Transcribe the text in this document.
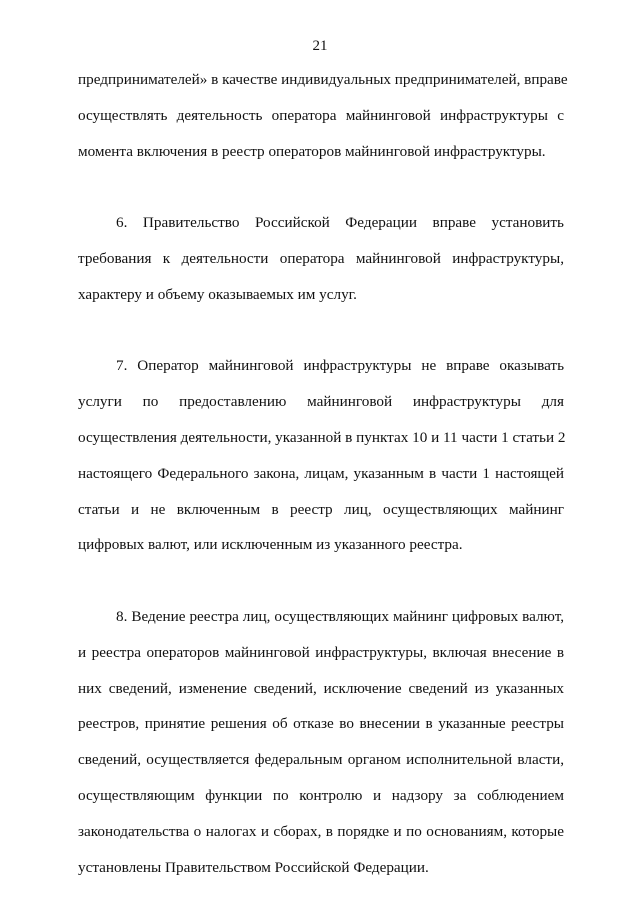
21
предпринимателей» в качестве индивидуальных предпринимателей, вправе
осуществлять деятельность оператора майнинговой инфраструктуры с
момента включения в реестр операторов майнинговой инфраструктуры.
6. Правительство Российской Федерации вправе установить
требования к деятельности оператора майнинговой инфраструктуры,
характеру и объему оказываемых им услуг.
7. Оператор майнинговой инфраструктуры не вправе оказывать
услуги по предоставлению майнинговой инфраструктуры для
осуществления деятельности, указанной в пунктах 10 и 11 части 1 статьи 2
настоящего Федерального закона, лицам, указанным в части 1 настоящей
статьи и не включенным в реестр лиц, осуществляющих майнинг
цифровых валют, или исключенным из указанного реестра.
8. Ведение реестра лиц, осуществляющих майнинг цифровых валют,
и реестра операторов майнинговой инфраструктуры, включая внесение в
них сведений, изменение сведений, исключение сведений из указанных
реестров, принятие решения об отказе во внесении в указанные реестры
сведений, осуществляется федеральным органом исполнительной власти,
осуществляющим функции по контролю и надзору за соблюдением
законодательства о налогах и сборах, в порядке и по основаниям, которые
установлены Правительством Российской Федерации.
